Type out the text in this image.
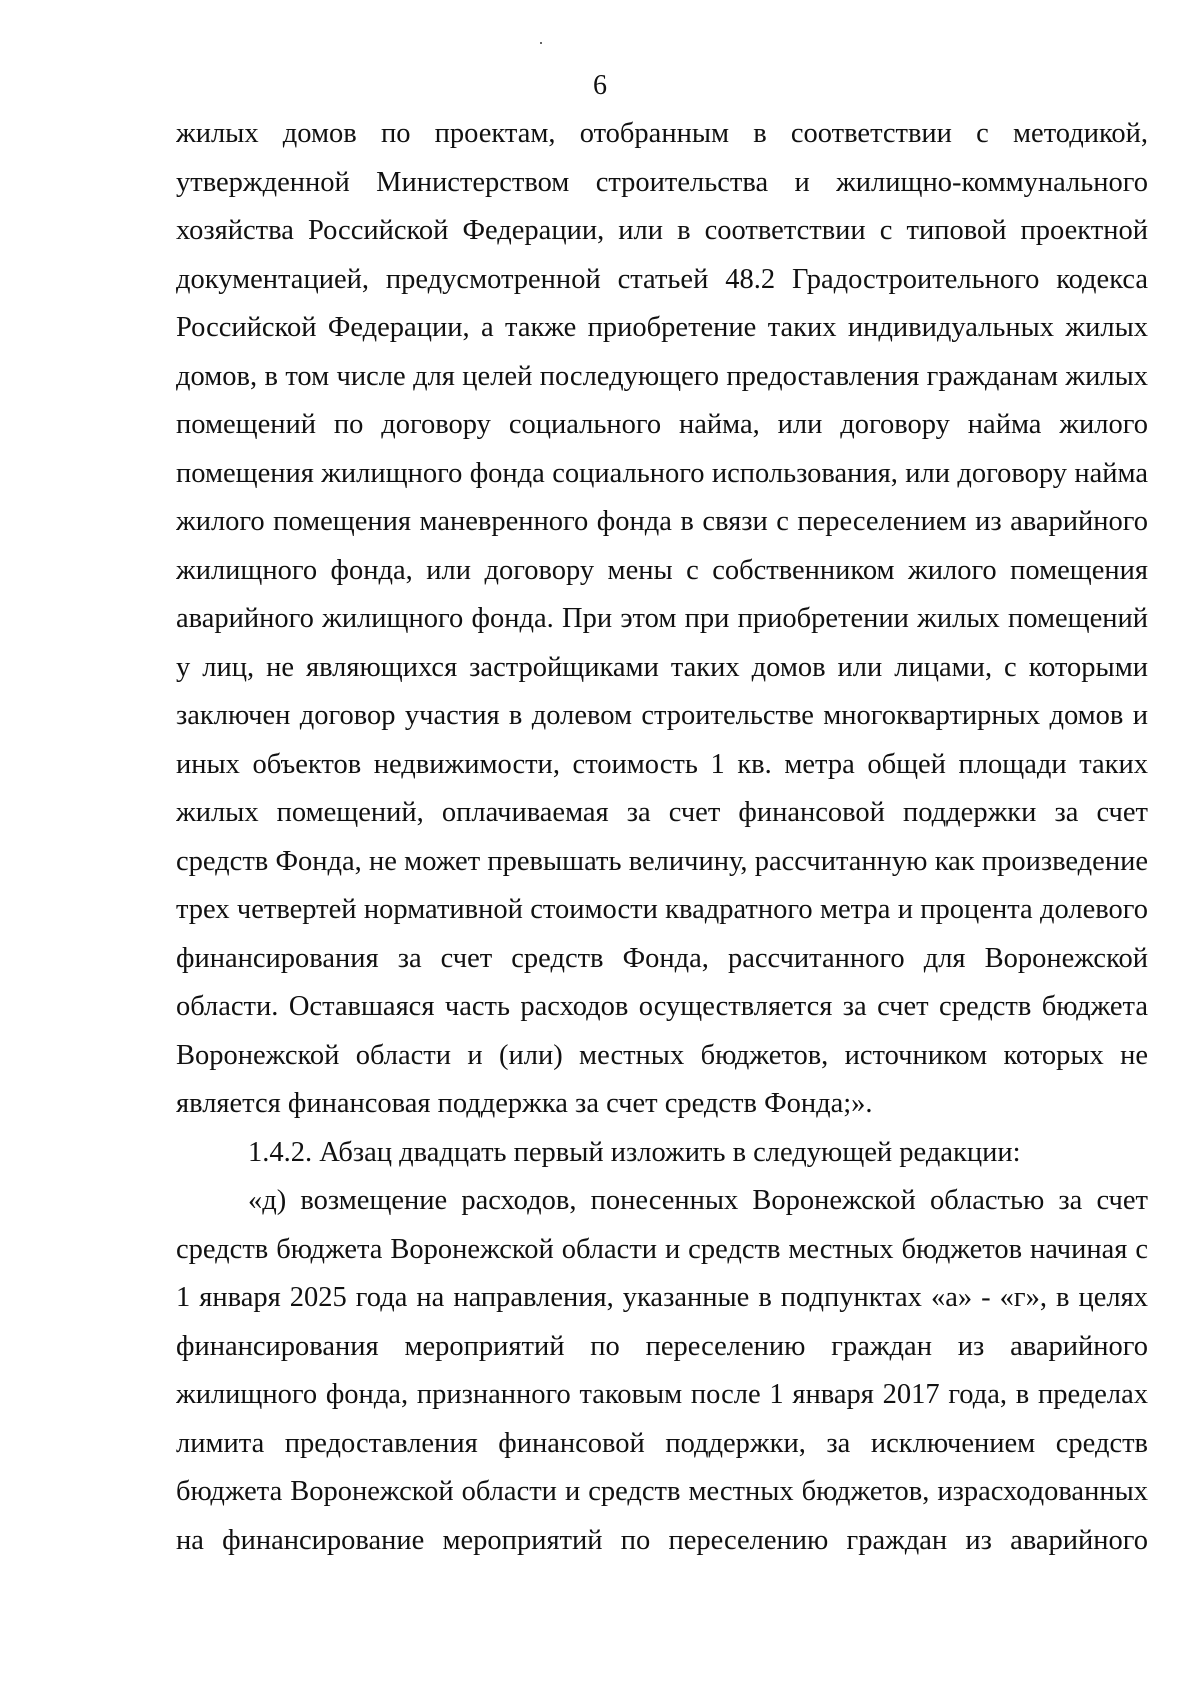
6
жилых домов по проектам, отобранным в соответствии с методикой,
утвержденной Министерством строительства и жилищно-коммунального
хозяйства Российской Федерации, или в соответствии с типовой проектной
документацией, предусмотренной статьей 48.2 Градостроительного кодекса
Российской Федерации, а также приобретение таких индивидуальных жилых
домов, в том числе для целей последующего предоставления гражданам жилых
помещений по договору социального найма, или договору найма жилого
помещения жилищного фонда социального использования, или договору найма
жилого помещения маневренного фонда в связи с переселением из аварийного
жилищного фонда, или договору мены с собственником жилого помещения
аварийного жилищного фонда. При этом при приобретении жилых помещений
у лиц, не являющихся застройщиками таких домов или лицами, с которыми
заключен договор участия в долевом строительстве многоквартирных домов и
иных объектов недвижимости, стоимость 1 кв. метра общей площади таких
жилых помещений, оплачиваемая за счет финансовой поддержки за счет
средств Фонда, не может превышать величину, рассчитанную как произведение
трех четвертей нормативной стоимости квадратного метра и процента долевого
финансирования за счет средств Фонда, рассчитанного для Воронежской
области. Оставшаяся часть расходов осуществляется за счет средств бюджета
Воронежской области и (или) местных бюджетов, источником которых не
является финансовая поддержка за счет средств Фонда;».
1.4.2. Абзац двадцать первый изложить в следующей редакции:
«д) возмещение расходов, понесенных Воронежской областью за счет
средств бюджета Воронежской области и средств местных бюджетов начиная с
1 января 2025 года на направления, указанные в подпунктах «а» - «г», в целях
финансирования мероприятий по переселению граждан из аварийного
жилищного фонда, признанного таковым после 1 января 2017 года, в пределах
лимита предоставления финансовой поддержки, за исключением средств
бюджета Воронежской области и средств местных бюджетов, израсходованных
на финансирование мероприятий по переселению граждан из аварийного
